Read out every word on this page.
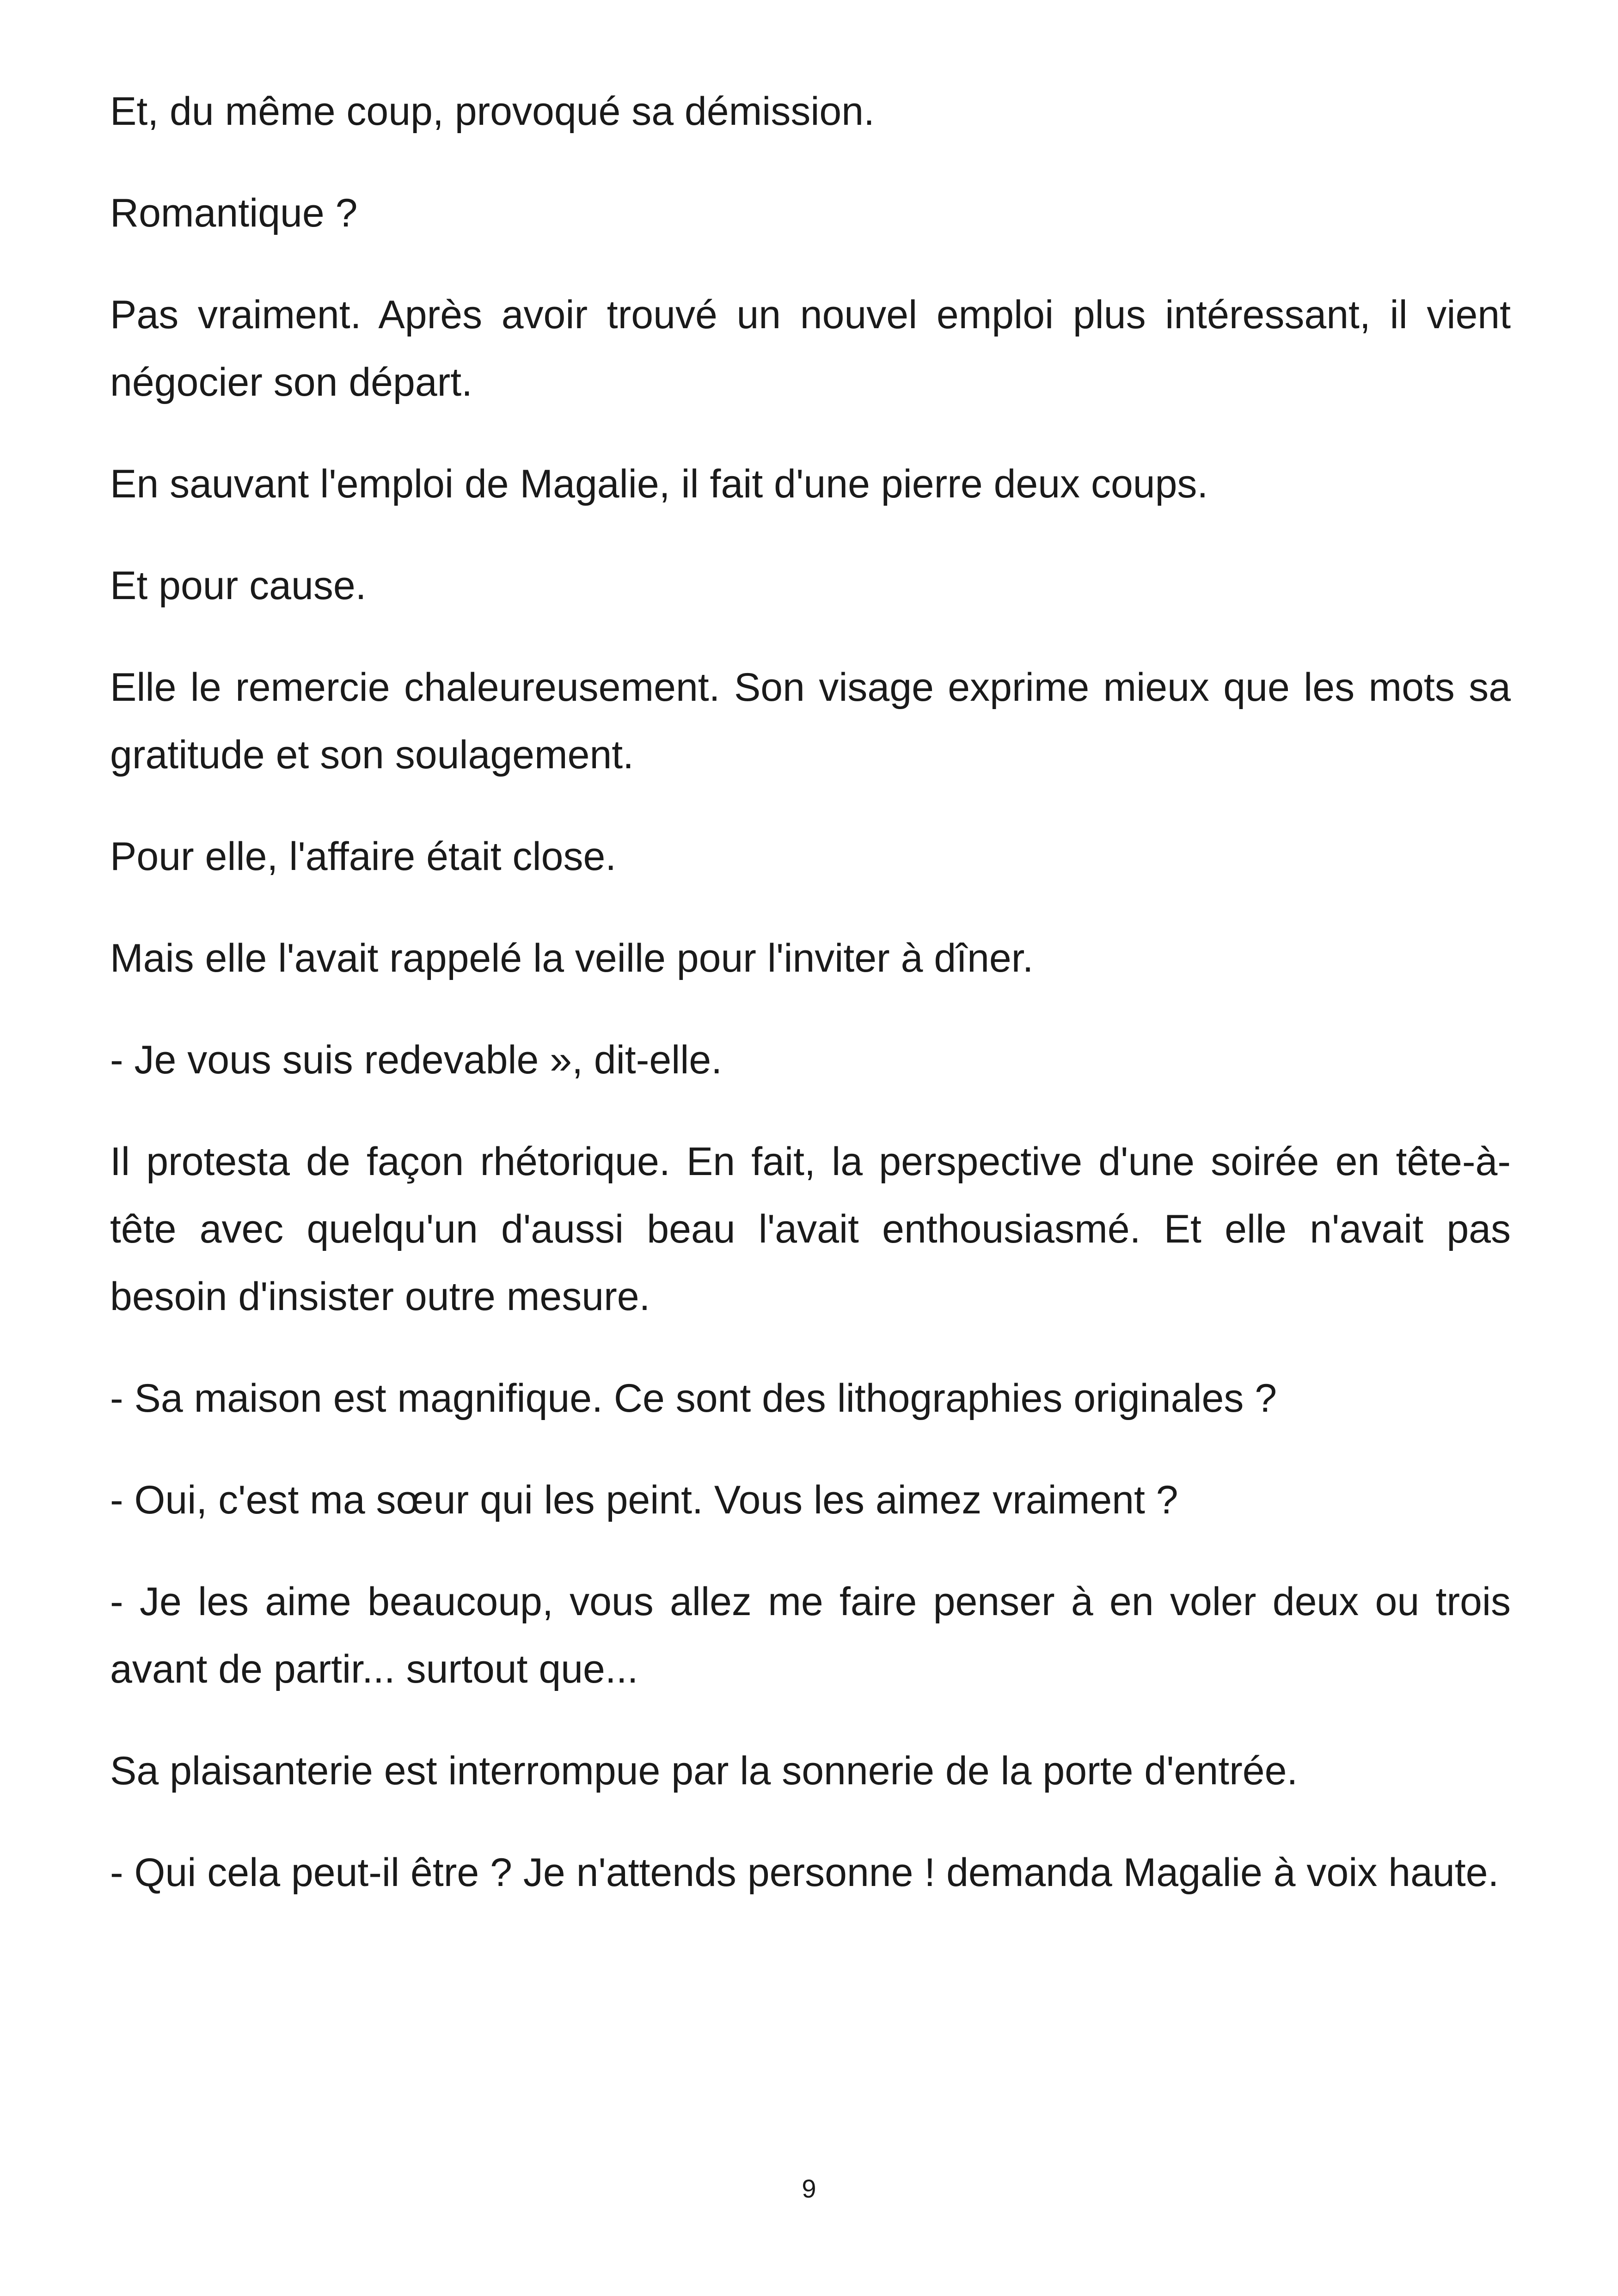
Et, du même coup, provoqué sa démission.

Romantique ?

Pas vraiment. Après avoir trouvé un nouvel emploi plus intéressant, il vient négocier son départ.

En sauvant l'emploi de Magalie, il fait d'une pierre deux coups.

Et pour cause.

Elle le remercie chaleureusement. Son visage exprime mieux que les mots sa gratitude et son soulagement.

Pour elle, l'affaire était close.

Mais elle l'avait rappelé la veille pour l'inviter à dîner.

- Je vous suis redevable », dit-elle.

Il protesta de façon rhétorique. En fait, la perspective d'une soirée en tête-à-tête avec quelqu'un d'aussi beau l'avait enthousiasmé. Et elle n'avait pas besoin d'insister outre mesure.

- Sa maison est magnifique. Ce sont des lithographies originales ?

- Oui, c'est ma sœur qui les peint. Vous les aimez vraiment ?

- Je les aime beaucoup, vous allez me faire penser à en voler deux ou trois avant de partir... surtout que...

Sa plaisanterie est interrompue par la sonnerie de la porte d'entrée.

- Qui cela peut-il être ? Je n'attends personne ! demanda Magalie à voix haute.

9
